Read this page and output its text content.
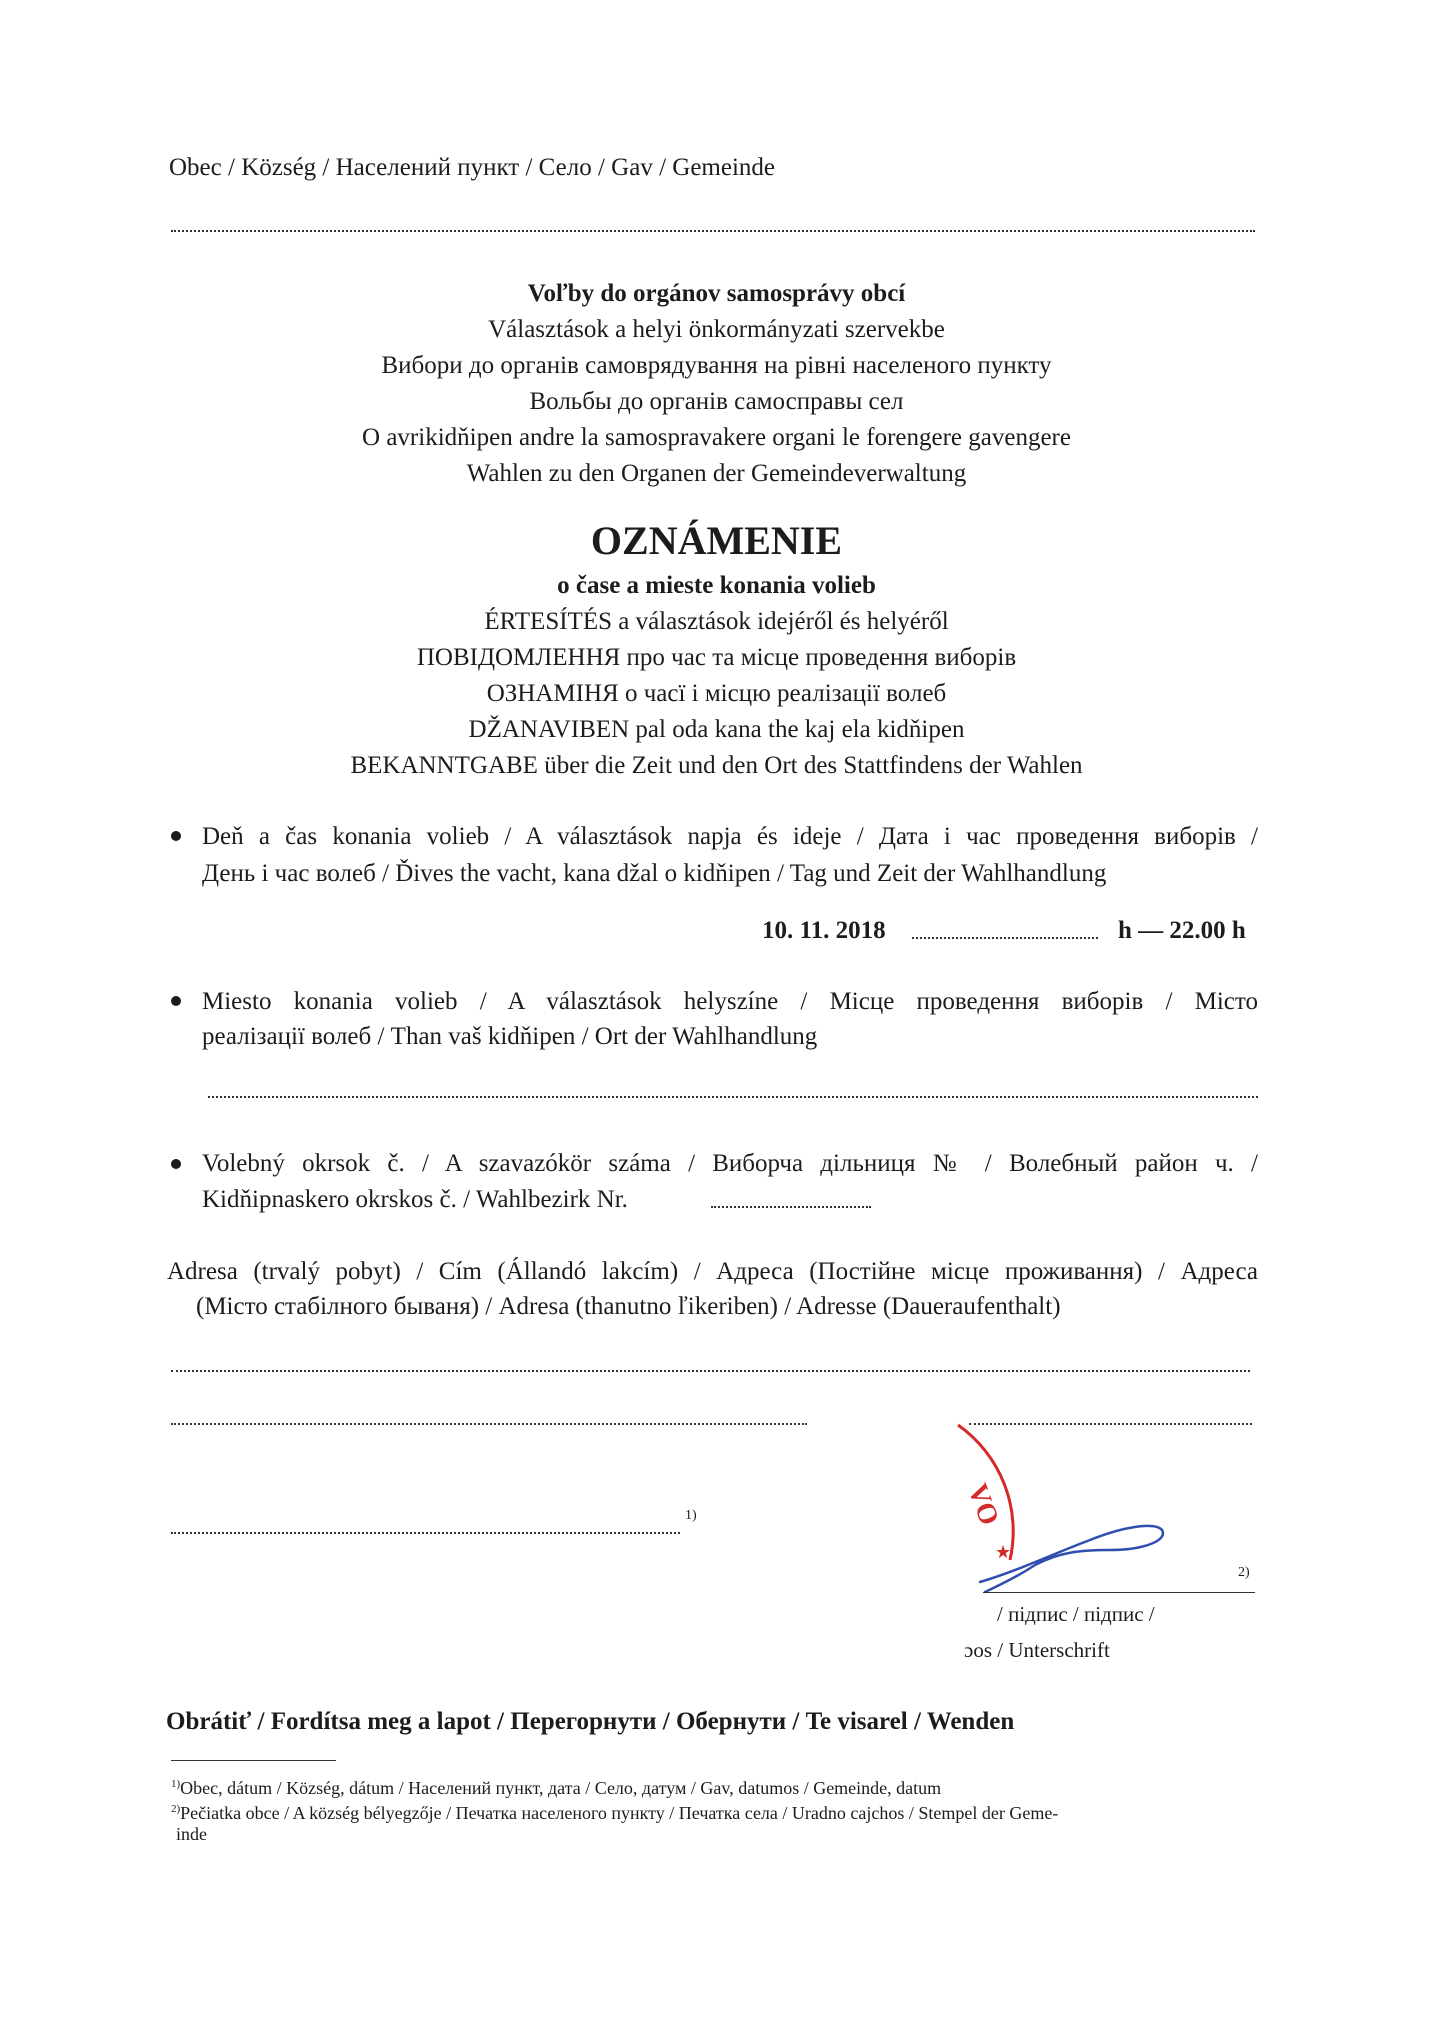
Obec / Község / Населений пункт / Село / Gav / Gemeinde
Voľby do orgánov samosprávy obcí
Választások a helyi önkormányzati szervekbe
Вибори до органів самоврядування на рівні населеного пункту
Вольбы до органів самосправы сел
O avrikidňipen andre la samospravakere organi le forengere gavengere
Wahlen zu den Organen der Gemeindeverwaltung
OZNÁMENIE
o čase a mieste konania volieb
ÉRTESÍTÉS a választások idejéről és helyéről
ПОВІДОМЛЕННЯ про час та місце проведення виборів
ОЗНАМІНЯ о часї і місцю реалізації волеб
DŽANAVIBEN pal oda kana the kaj ela kidňipen
BEKANNTGABE über die Zeit und den Ort des Stattfindens der Wahlen
Deň a čas konania volieb / A választások napja és ideje / Дата і час проведення виборів /
День і час волеб / Ďives the vacht, kana džal o kidňipen / Tag und Zeit der Wahlhandlung
10. 11. 2018	h — 22.00 h
Miesto konania volieb / A választások helyszíne / Місце проведення виборів / Місто
реалізації волеб / Than vaš kidňipen / Ort der Wahlhandlung
Volebný okrsok č. / A szavazókör száma / Виборча дільниця № / Волебный район ч. /
Kidňipnaskero okrskos č. / Wahlbezirk Nr.
Adresa (trvalý pobyt) / Cím (Állandó lakcím) / Адреса (Постійне місце проживання) / Адреса
(Місто стабілного бываня) / Adresa (thanutno ľikeriben) / Adresse (Daueraufenthalt)
1)	VO
★
2)
/ підпис / підпис /
ɔos / Unterschrift
Obrátiť / Fordítsa meg a lapot / Перегорнути / Обернути / Te visarel / Wenden
$^{1)}$Obec, dátum / Község, dátum / Населений пункт, дата / Село, датум / Gav, datumos / Gemeinde, datum
$^{2)}$Pečiatka obce / A község bélyegzője / Печатка населеного пункту / Печатка села / Uradno cajchos / Stempel der Geme-
inde
